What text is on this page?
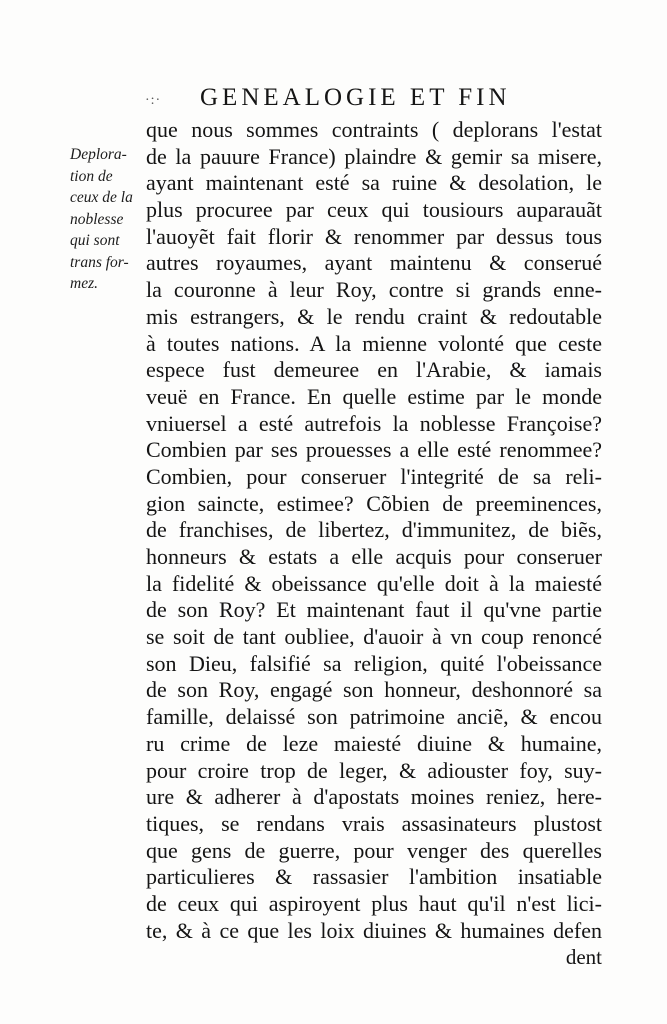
·:· GENEALOGIE ET FIN
Deplora-
tion de
ceux de la
noblesse
qui sont
trans for-
mez.
que nous sommes contraints ( deplorans l'estat
de la pauure France) plaindre & gemir sa misere,
ayant maintenant esté sa ruine & desolation, le
plus procuree par ceux qui tousiours auparauãt
l'auoyẽt fait florir & renommer par dessus tous
autres royaumes, ayant maintenu & conserué
la couronne à leur Roy, contre si grands enne-
mis estrangers, & le rendu craint & redoutable
à toutes nations. A la mienne volonté que ceste
espece fust demeuree en l'Arabie, & iamais
veuë en France. En quelle estime par le monde
vniuersel a esté autrefois la noblesse Françoise?
Combien par ses prouesses a elle esté renommee?
Combien, pour conseruer l'integrité de sa reli-
gion saincte, estimee? Cõbien de preeminences,
de franchises, de libertez, d'immunitez, de biẽs,
honneurs & estats a elle acquis pour conseruer
la fidelité & obeissance qu'elle doit à la maiesté
de son Roy? Et maintenant faut il qu'vne partie
se soit de tant oubliee, d'auoir à vn coup renoncé
son Dieu, falsifié sa religion, quité l'obeissance
de son Roy, engagé son honneur, deshonnoré sa
famille, delaissé son patrimoine anciẽ, & encou
ru crime de leze maiesté diuine & humaine,
pour croire trop de leger, & adiouster foy, suy-
ure & adherer à d'apostats moines reniez, here-
tiques, se rendans vrais assasinateurs plustost
que gens de guerre, pour venger des querelles
particulieres & rassasier l'ambition insatiable
de ceux qui aspiroyent plus haut qu'il n'est lici-
te, & à ce que les loix diuines & humaines defen
dent
